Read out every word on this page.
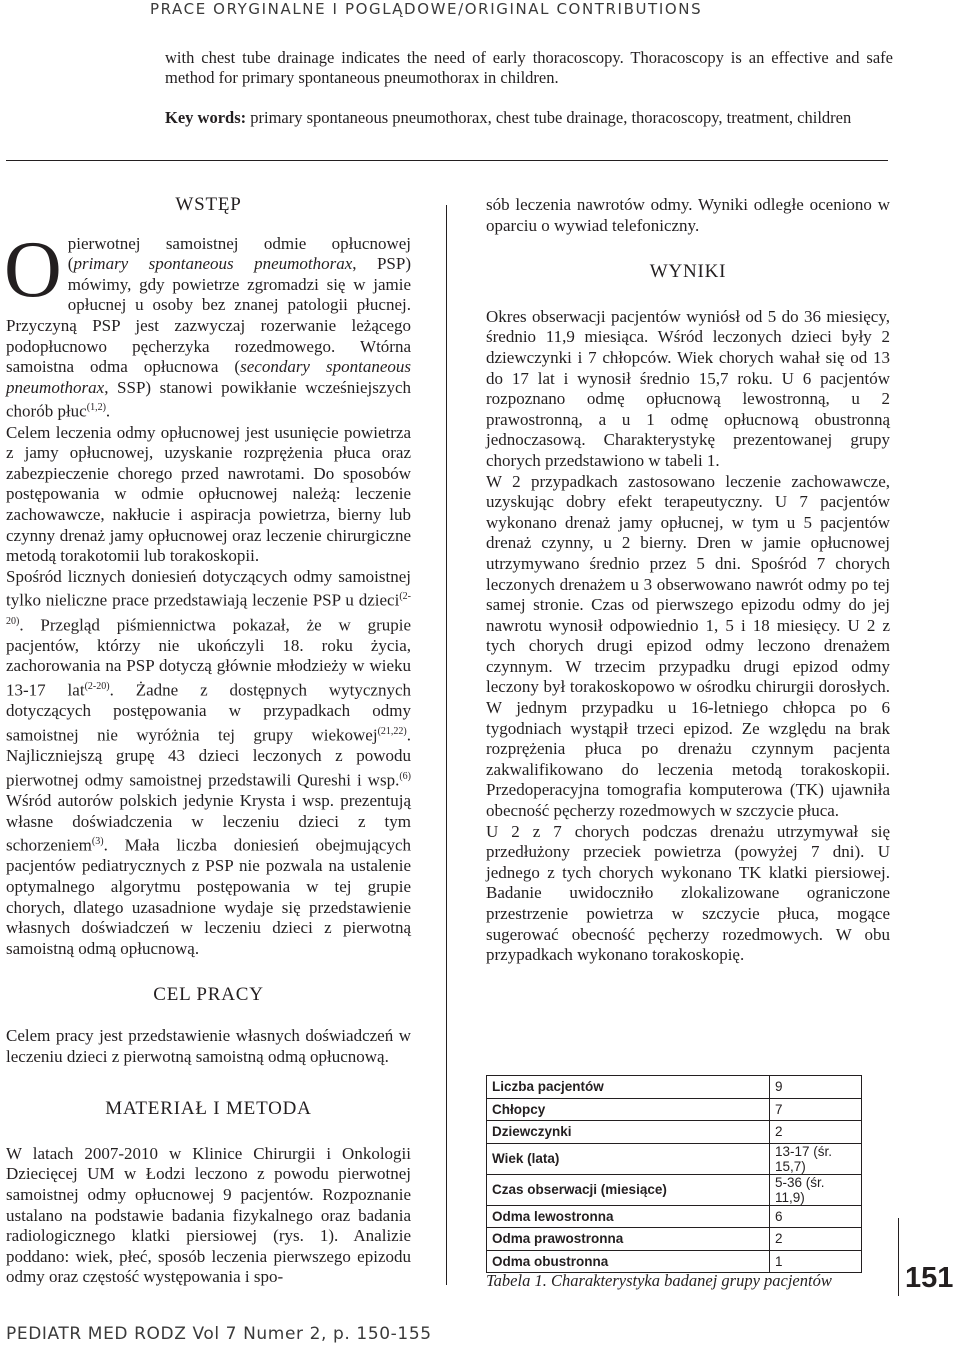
PRACE ORYGINALNE I POGLĄDOWE/ORIGINAL CONTRIBUTIONS

with chest tube drainage indicates the need of early thoracoscopy. Thoracoscopy is an effective and safe method for primary spontaneous pneumothorax in children.

Key words: primary spontaneous pneumothorax, chest tube drainage, thoracoscopy, treatment, children

WSTĘP

Opierwotnej samoistnej odmie opłucnowej (primary spontaneous pneumothorax, PSP) mówimy, gdy powietrze zgromadzi się w jamie opłucnej u osoby bez znanej patologii płucnej. Przyczyną PSP jest zazwyczaj rozerwanie leżącego podopłucnowo pęcherzyka rozedmowego. Wtórna samoistna odma opłucnowa (secondary spontaneous pneumothorax, SSP) stanowi powikłanie wcześniejszych chorób płuc$^{(1,2)}$.

Celem leczenia odmy opłucnowej jest usunięcie powietrza z jamy opłucnowej, uzyskanie rozprężenia płuca oraz zabezpieczenie chorego przed nawrotami. Do sposobów postępowania w odmie opłucnowej należą: leczenie zachowawcze, nakłucie i aspiracja powietrza, bierny lub czynny drenaż jamy opłucnowej oraz leczenie chirurgiczne metodą torakotomii lub torakoskopii.

Spośród licznych doniesień dotyczących odmy samoistnej tylko nieliczne prace przedstawiają leczenie PSP u dzieci$^{(2-20)}$. Przegląd piśmiennictwa pokazał, że w grupie pacjentów, którzy nie ukończyli 18. roku życia, zachorowania na PSP dotyczą głównie młodzieży w wieku 13-17 lat$^{(2-20)}$. Żadne z dostępnych wytycznych dotyczących postępowania w przypadkach odmy samoistnej nie wyróżnia tej grupy wiekowej$^{(21,22)}$. Najliczniejszą grupę 43 dzieci leczonych z powodu pierwotnej odmy samoistnej przedstawili Qureshi i wsp.$^{(6)}$ Wśród autorów polskich jedynie Krysta i wsp. prezentują własne doświadczenia w leczeniu dzieci z tym schorzeniem$^{(3)}$. Mała liczba doniesień obejmujących pacjentów pediatrycznych z PSP nie pozwala na ustalenie optymalnego algorytmu postępowania w tej grupie chorych, dlatego uzasadnione wydaje się przedstawienie własnych doświadczeń w leczeniu dzieci z pierwotną samoistną odmą opłucnową.

CEL PRACY

Celem pracy jest przedstawienie własnych doświadczeń w leczeniu dzieci z pierwotną samoistną odmą opłucnową.

MATERIAŁ I METODA

W latach 2007-2010 w Klinice Chirurgii i Onkologii Dziecięcej UM w Łodzi leczono z powodu pierwotnej samoistnej odmy opłucnowej 9 pacjentów. Rozpoznanie ustalano na podstawie badania fizykalnego oraz badania radiologicznego klatki piersiowej (rys. 1). Analizie poddano: wiek, płeć, sposób leczenia pierwszego epizodu odmy oraz częstość występowania i spo-

sób leczenia nawrotów odmy. Wyniki odległe oceniono w oparciu o wywiad telefoniczny.

WYNIKI

Okres obserwacji pacjentów wyniósł od 5 do 36 miesięcy, średnio 11,9 miesiąca. Wśród leczonych dzieci były 2 dziewczynki i 7 chłopców. Wiek chorych wahał się od 13 do 17 lat i wynosił średnio 15,7 roku. U 6 pacjentów rozpoznano odmę opłucnową lewostronną, u 2 prawostronną, a u 1 odmę opłucnową obustronną jednoczasową. Charakterystykę prezentowanej grupy chorych przedstawiono w tabeli 1.

W 2 przypadkach zastosowano leczenie zachowawcze, uzyskując dobry efekt terapeutyczny. U 7 pacjentów wykonano drenaż jamy opłucnej, w tym u 5 pacjentów drenaż czynny, u 2 bierny. Dren w jamie opłucnowej utrzymywano średnio przez 5 dni. Spośród 7 chorych leczonych drenażem u 3 obserwowano nawrót odmy po tej samej stronie. Czas od pierwszego epizodu odmy do jej nawrotu wynosił odpowiednio 1, 5 i 18 miesięcy. U 2 z tych chorych drugi epizod odmy leczono drenażem czynnym. W trzecim przypadku drugi epizod odmy leczony był torakoskopowo w ośrodku chirurgii dorosłych. W jednym przypadku u 16-letniego chłopca po 6 tygodniach wystąpił trzeci epizod. Ze względu na brak rozprężenia płuca po drenażu czynnym pacjenta zakwalifikowano do leczenia metodą torakoskopii. Przedoperacyjna tomografia komputerowa (TK) ujawniła obecność pęcherzy rozedmowych w szczycie płuca.

U 2 z 7 chorych podczas drenażu utrzymywał się przedłużony przeciek powietrza (powyżej 7 dni). U jednego z tych chorych wykonano TK klatki piersiowej. Badanie uwidoczniło zlokalizowane ograniczone przestrzenie powietrza w szczycie płuca, mogące sugerować obecność pęcherzy rozedmowych. W obu przypadkach wykonano torakoskopię.

Liczba pacjentów	9
Chłopcy	7
Dziewczynki	2
Wiek (lata)	13-17 (śr. 15,7)
Czas obserwacji (miesiące)	5-36 (śr. 11,9)
Odma lewostronna	6
Odma prawostronna	2
Odma obustronna	1
Tabela 1. Charakterystyka badanej grupy pacjentów	151
PEDIATR MED RODZ Vol 7 Numer 2, p. 150-155
